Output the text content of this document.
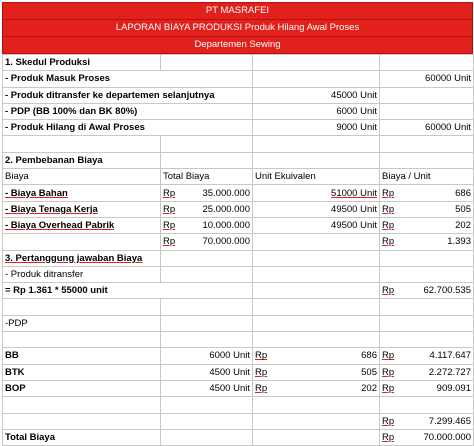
PT MASRAFEI
LAPORAN BIAYA PRODUKSI Produk Hilang Awal Proses
Departemen Sewing
1. Skedul Produksi			
- Produk Masuk Proses			60000 Unit
- Produk ditransfer ke departemen selanjutnya		45000 Unit	
- PDP (BB 100% dan BK 80%)		6000 Unit	
- Produk Hilang di Awal Proses		9000 Unit	60000 Unit

2. Pembebanan Biaya			
Biaya	Total Biaya	Unit Ekuivalen	Biaya / Unit
- Biaya Bahan	Rp 35.000.000	51000 Unit	Rp 686

- Biaya Tenaga Kerja	Rp 25.000.000	49500 Unit	Rp 505

- Biaya Overhead Pabrik	Rp 10.000.000	49500 Unit	Rp 202

	Rp 70.000.000		Rp 1.393

3. Pertanggung jawaban Biaya			
- Produk ditransfer			
= Rp 1.361 * 55000 unit			Rp 62.700.535

-PDP			

BB	6000 Unit	Rp 686	Rp 4.117.647

BTK	4500 Unit	Rp 505	Rp 2.272.727

BOP	4500 Unit	Rp 202	Rp 909.091

			Rp 7.299.465

Total Biaya			Rp 70.000.000
